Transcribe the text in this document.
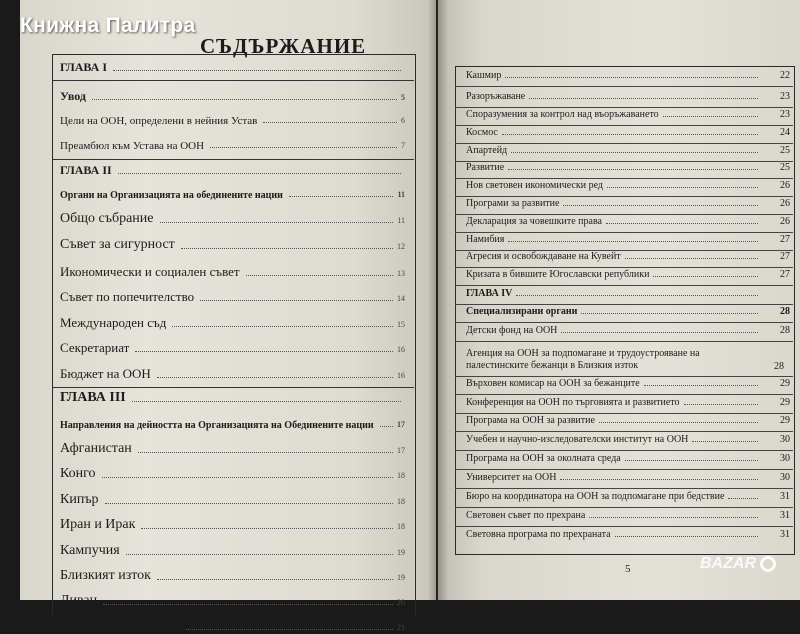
Книжна Палитра
СЪДЪРЖАНИЕ
ГЛАВА I
Увод	5
Цели на ООН, определени в нейния Устав	6
Преамбюл към Устава на ООН	7
ГЛАВА II
Органи на Организацията на обединените нации	11
Общо събрание	11
Съвет за сигурност	12
Икономически и социален съвет	13
Съвет по попечителство	14
Международен съд	15
Секретариат	16
Бюджет на ООН	16
ГЛАВА III
Направления на дейността на Организацията на Обединените нации	17
Афганистан	17
Конго	18
Кипър	18
Иран и Ирак	18
Кампучия	19
Близкият изток	19
Ливан	20
Централна Америка	21
Кашмир	22
Разоръжаване	23
Споразумения за контрол над въоръжаването	23
Космос	24
Апартейд	25
Развитие	25
Нов световен икономически ред	26
Програми за развитие	26
Декларация за човешките права	26
Намибия	27
Агресия и освобождаване на Кувейт	27
Кризата в бившите Югославски републики	27
ГЛАВА IV
Специализирани органи	28
Детски фонд на ООН	28
Агенция на ООН за подпомагане и трудоустрояване на палестинските бежанци в Близкия изток	28
Върховен комисар на ООН за бежанците	29
Конференция на ООН по търговията и развитието	29
Програма на ООН за развитие	29
Учебен и научно-изследователски институт на ООН	30
Програма на ООН за околната среда	30
Университет на ООН	30
Бюро на координатора на ООН за подпомагане при бедствие	31
Световен съвет по прехрана	31
Световна програма по прехраната	31
5	BAZAR
